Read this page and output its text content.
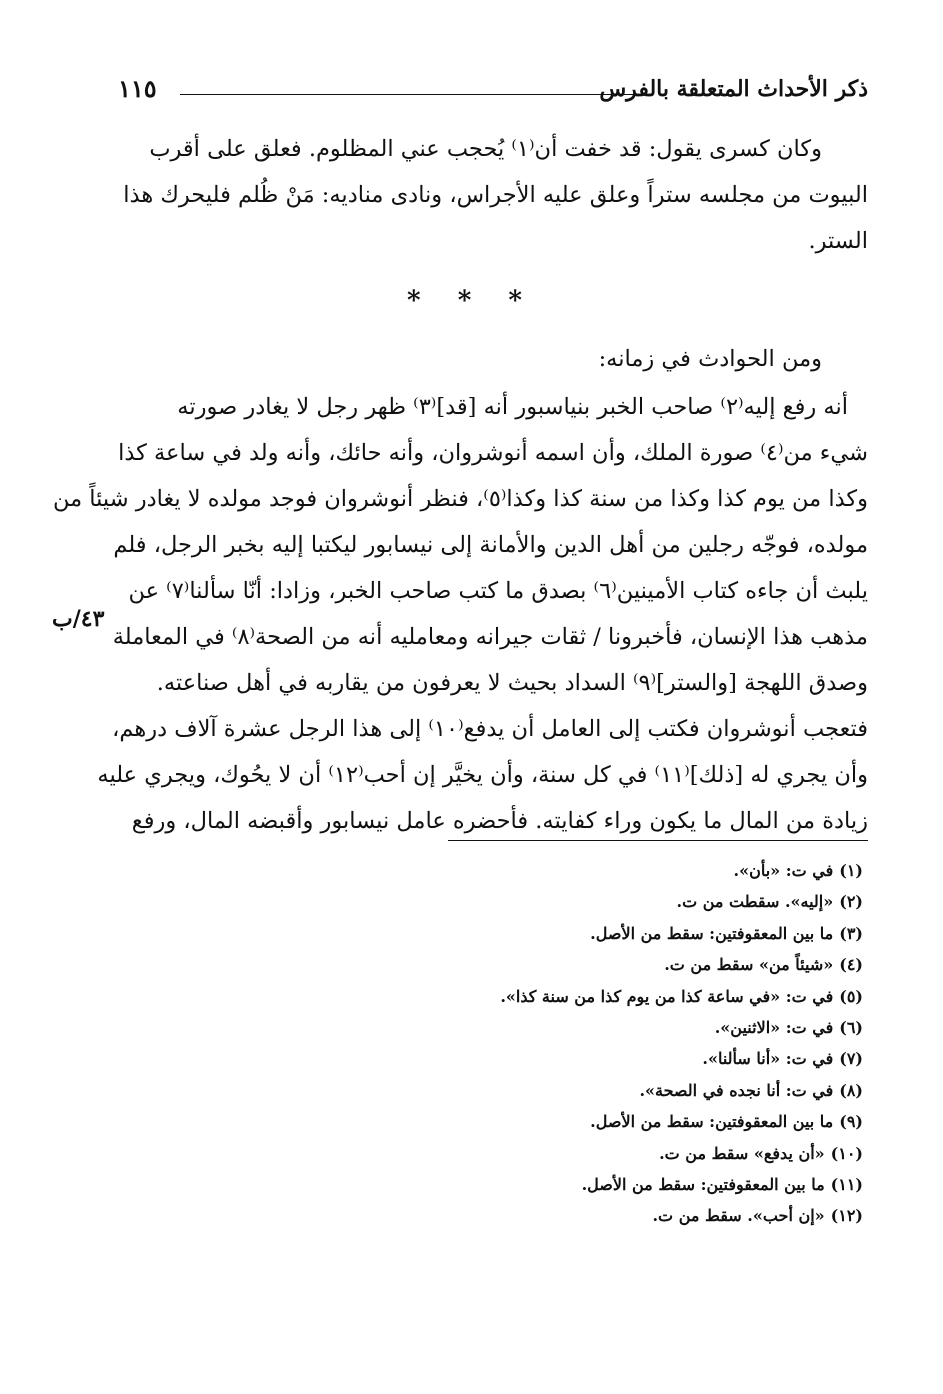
ذكر الأحداث المتعلقة بالفرس
١١٥

وكان كسرى يقول: قد خفت أن⁽١⁾ يُحجب عني المظلوم. فعلق على أقرب
البيوت من مجلسه ستراً وعلق عليه الأجراس، ونادى مناديه: مَنْ ظُلم فليحرك هذا
الستر.

* * *

ومن الحوادث في زمانه:

أنه رفع إليه⁽٢⁾ صاحب الخبر بنياسبور أنه [قد]⁽٣⁾ ظهر رجل لا يغادر صورته
شيء من⁽٤⁾ صورة الملك، وأن اسمه أنوشروان، وأنه حائك، وأنه ولد في ساعة كذا
وكذا من يوم كذا وكذا من سنة كذا وكذا⁽٥⁾، فنظر أنوشروان فوجد مولده لا يغادر شيئاً من
مولده، فوجّه رجلين من أهل الدين والأمانة إلى نيسابور ليكتبا إليه بخبر الرجل، فلم
يلبث أن جاءه كتاب الأمينين⁽٦⁾ بصدق ما كتب صاحب الخبر، وزادا: أنّا سألنا⁽٧⁾ عن
مذهب هذا الإنسان، فأخبرونا / ثقات جيرانه ومعامليه أنه من الصحة⁽٨⁾ في المعاملة
وصدق اللهجة [والستر]⁽٩⁾ السداد بحيث لا يعرفون من يقاربه في أهل صناعته.
فتعجب أنوشروان فكتب إلى العامل أن يدفع⁽١٠⁾ إلى هذا الرجل عشرة آلاف درهم،
وأن يجري له [ذلك]⁽١١⁾ في كل سنة، وأن يخيَّر إن أحب⁽١٢⁾ أن لا يحُوك، ويجري عليه
زيادة من المال ما يكون وراء كفايته. فأحضره عامل نيسابور وأقبضه المال، ورفع

٤٣/ب
(١)في ت: «بأن».
(٢)«إليه». سقطت من ت.
(٣)ما بين المعقوفتين: سقط من الأصل.
(٤)«شيئاً من» سقط من ت.
(٥)في ت: «في ساعة كذا من يوم كذا من سنة كذا».
(٦)في ت: «الاثنين».
(٧)في ت: «أنا سألنا».
(٨)في ت: أنا نجده في الصحة».
(٩)ما بين المعقوفتين: سقط من الأصل.
(١٠)«أن يدفع» سقط من ت.
(١١)ما بين المعقوفتين: سقط من الأصل.
(١٢)«إن أحب». سقط من ت.
